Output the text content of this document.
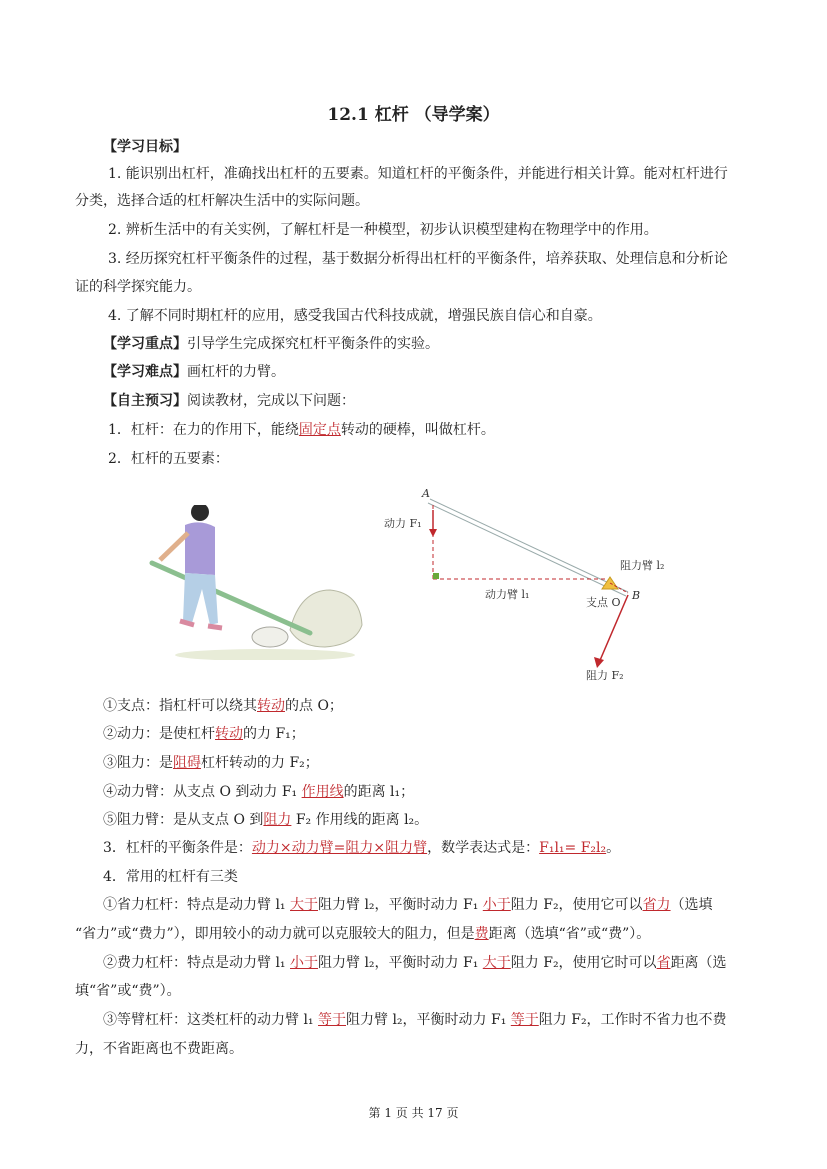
12.1 杠杆 （导学案）
【学习目标】
1. 能识别出杠杆，准确找出杠杆的五要素。知道杠杆的平衡条件，并能进行相关计算。能对杠杆进行
分类，选择合适的杠杆解决生活中的实际问题。
2. 辨析生活中的有关实例，了解杠杆是一种模型，初步认识模型建构在物理学中的作用。
3. 经历探究杠杆平衡条件的过程，基于数据分析得出杠杆的平衡条件，培养获取、处理信息和分析论
证的科学探究能力。
4. 了解不同时期杠杆的应用，感受我国古代科技成就，增强民族自信心和自豪。
【学习重点】引导学生完成探究杠杆平衡条件的实验。
【学习难点】画杠杆的力臂。
【自主预习】阅读教材，完成以下问题：
1．杠杆：在力的作用下，能绕固定点转动的硬棒，叫做杠杆。
2．杠杆的五要素：
A
B
动力 F₁
动力臂 l₁
阻力臂 l₂
支点 O
阻力 F₂
①支点：指杠杆可以绕其转动的点 O；
②动力：是使杠杆转动的力 F₁；
③阻力：是阻碍杠杆转动的力 F₂；
④动力臂：从支点 O 到动力 F₁ 作用线的距离 l₁；
⑤阻力臂：是从支点 O 到阻力 F₂ 作用线的距离 l₂。
3．杠杆的平衡条件是：动力×动力臂=阻力×阻力臂，数学表达式是：F₁l₁= F₂l₂。
4．常用的杠杆有三类
①省力杠杆：特点是动力臂 l₁ 大于阻力臂 l₂，平衡时动力 F₁ 小于阻力 F₂，使用它可以省力（选填
“省力”或“费力”），即用较小的动力就可以克服较大的阻力，但是费距离（选填“省”或“费”）。
②费力杠杆：特点是动力臂 l₁ 小于阻力臂 l₂，平衡时动力 F₁ 大于阻力 F₂，使用它时可以省距离（选
填“省”或“费”）。
③等臂杠杆：这类杠杆的动力臂 l₁ 等于阻力臂 l₂，平衡时动力 F₁ 等于阻力 F₂，工作时不省力也不费
力，不省距离也不费距离。
第 1 页 共 17 页
